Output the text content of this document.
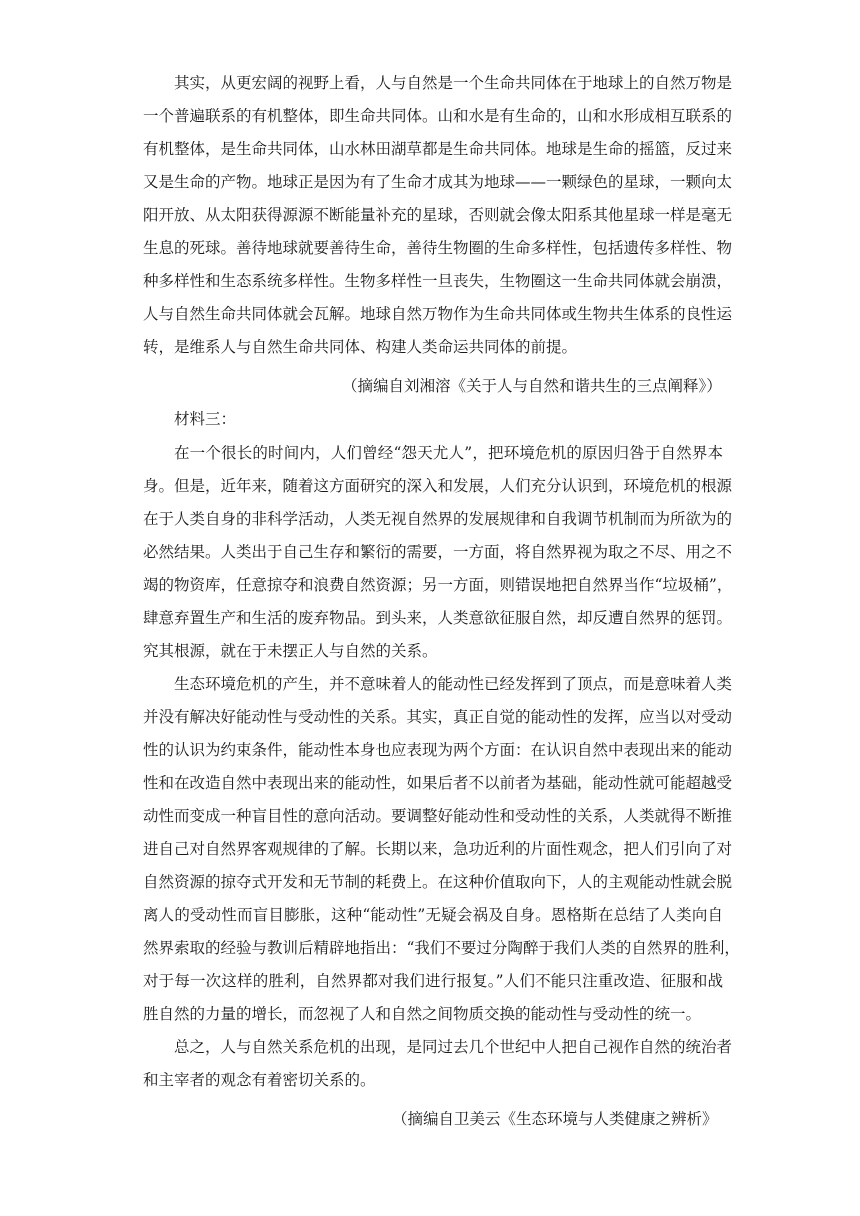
其实，从更宏阔的视野上看，人与自然是一个生命共同体在于地球上的自然万物是
一个普遍联系的有机整体，即生命共同体。山和水是有生命的，山和水形成相互联系的
有机整体，是生命共同体，山水林田湖草都是生命共同体。地球是生命的摇篮，反过来
又是生命的产物。地球正是因为有了生命才成其为地球——一颗绿色的星球，一颗向太
阳开放、从太阳获得源源不断能量补充的星球，否则就会像太阳系其他星球一样是毫无
生息的死球。善待地球就要善待生命，善待生物圈的生命多样性，包括遗传多样性、物
种多样性和生态系统多样性。生物多样性一旦丧失，生物圈这一生命共同体就会崩溃，
人与自然生命共同体就会瓦解。地球自然万物作为生命共同体或生物共生体系的良性运
转，是维系人与自然生命共同体、构建人类命运共同体的前提。
（摘编自刘湘溶《关于人与自然和谐共生的三点阐释》）
材料三：
在一个很长的时间内，人们曾经“怨天尤人”，把环境危机的原因归咎于自然界本
身。但是，近年来，随着这方面研究的深入和发展，人们充分认识到，环境危机的根源
在于人类自身的非科学活动，人类无视自然界的发展规律和自我调节机制而为所欲为的
必然结果。人类出于自己生存和繁衍的需要，一方面，将自然界视为取之不尽、用之不
竭的物资库，任意掠夺和浪费自然资源；另一方面，则错误地把自然界当作“垃圾桶”，
肆意弃置生产和生活的废弃物品。到头来，人类意欲征服自然，却反遭自然界的惩罚。
究其根源，就在于未摆正人与自然的关系。
生态环境危机的产生，并不意味着人的能动性已经发挥到了顶点，而是意味着人类
并没有解决好能动性与受动性的关系。其实，真正自觉的能动性的发挥，应当以对受动
性的认识为约束条件，能动性本身也应表现为两个方面：在认识自然中表现出来的能动
性和在改造自然中表现出来的能动性，如果后者不以前者为基础，能动性就可能超越受
动性而变成一种盲目性的意向活动。要调整好能动性和受动性的关系，人类就得不断推
进自己对自然界客观规律的了解。长期以来，急功近利的片面性观念，把人们引向了对
自然资源的掠夺式开发和无节制的耗费上。在这种价值取向下，人的主观能动性就会脱
离人的受动性而盲目膨胀，这种“能动性”无疑会祸及自身。恩格斯在总结了人类向自
然界索取的经验与教训后精辟地指出：“我们不要过分陶醉于我们人类的自然界的胜利，
对于每一次这样的胜利，自然界都对我们进行报复。”人们不能只注重改造、征服和战
胜自然的力量的增长，而忽视了人和自然之间物质交换的能动性与受动性的统一。
总之，人与自然关系危机的出现，是同过去几个世纪中人把自己视作自然的统治者
和主宰者的观念有着密切关系的。
（摘编自卫美云《生态环境与人类健康之辨析》
